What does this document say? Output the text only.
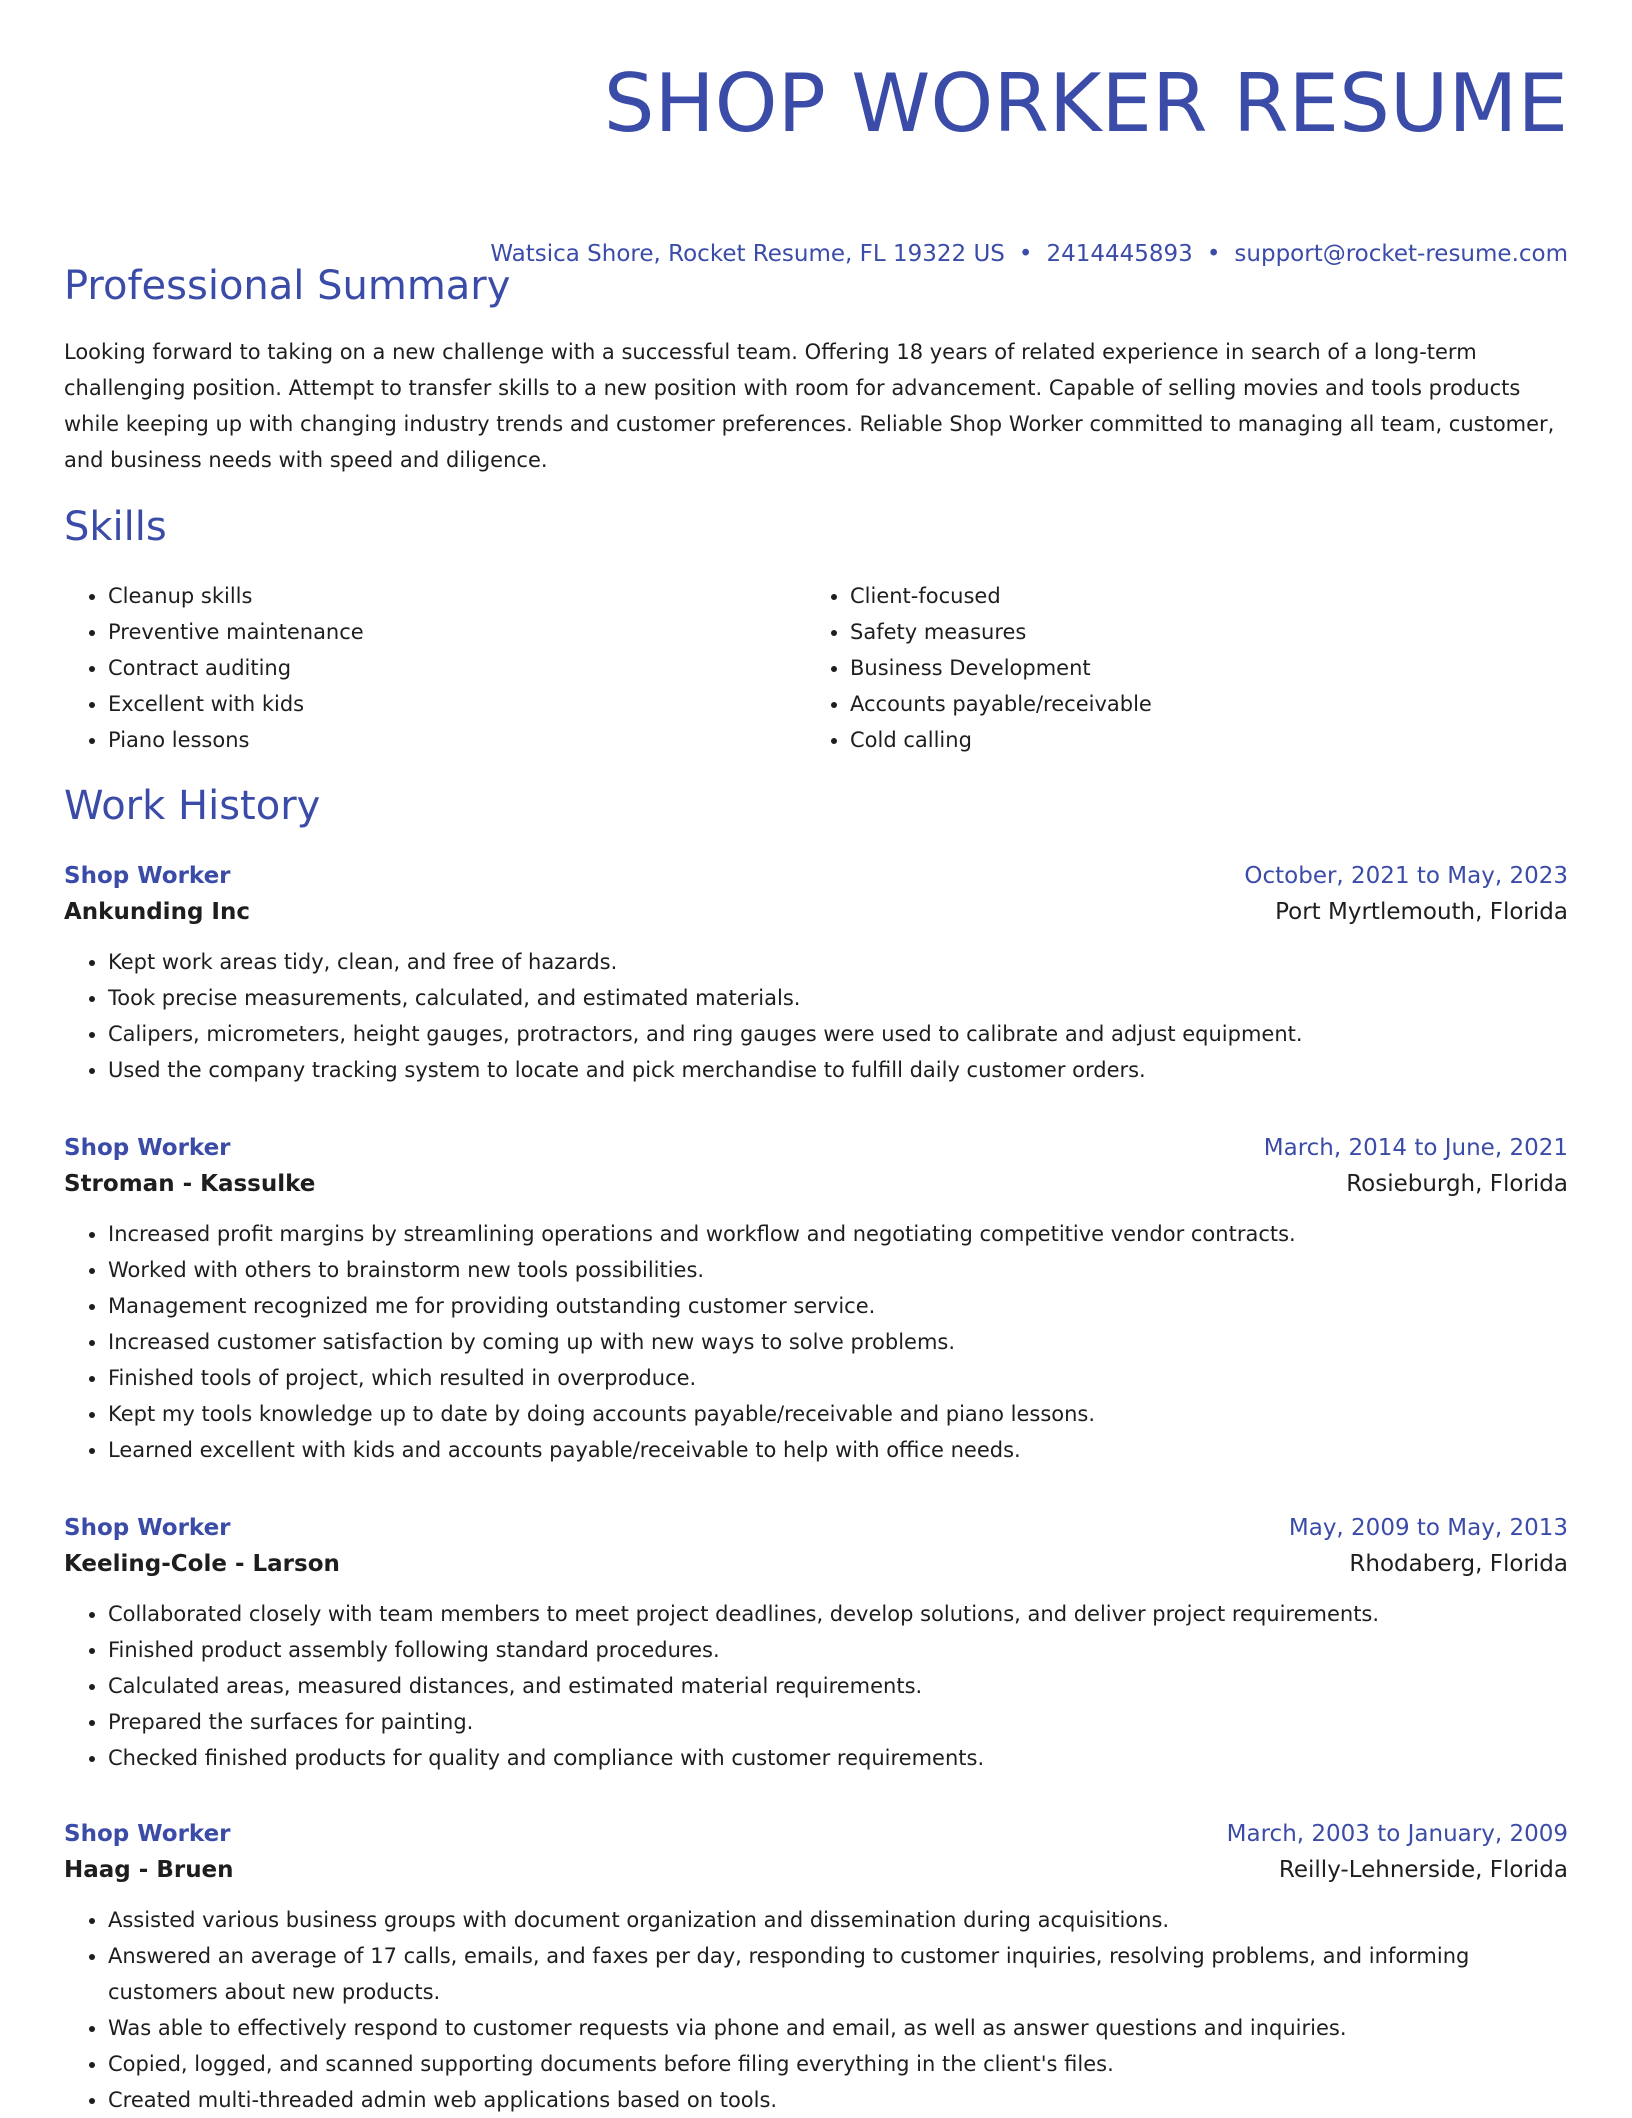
SHOP WORKER RESUME
Watsica Shore, Rocket Resume, FL 19322 US • 2414445893 • support@rocket-resume.com
Professional Summary

Looking forward to taking on a new challenge with a successful team. Offering 18 years of related experience in search of a long-term challenging position. Attempt to transfer skills to a new position with room for advancement. Capable of selling movies and tools products while keeping up with changing industry trends and customer preferences. Reliable Shop Worker committed to managing all team, customer, and business needs with speed and diligence.

Skills
• Cleanup skills
• Preventive maintenance
• Contract auditing
• Excellent with kids
• Piano lessons
• Client-focused
• Safety measures
• Business Development
• Accounts payable/receivable
• Cold calling
Work History
Shop Worker	October, 2021 to May, 2023
Ankunding Inc	Port Myrtlemouth, Florida
• Kept work areas tidy, clean, and free of hazards.
• Took precise measurements, calculated, and estimated materials.
• Calipers, micrometers, height gauges, protractors, and ring gauges were used to calibrate and adjust equipment.
• Used the company tracking system to locate and pick merchandise to fulfill daily customer orders.
Shop Worker	March, 2014 to June, 2021
Stroman - Kassulke	Rosieburgh, Florida
• Increased profit margins by streamlining operations and workflow and negotiating competitive vendor contracts.
• Worked with others to brainstorm new tools possibilities.
• Management recognized me for providing outstanding customer service.
• Increased customer satisfaction by coming up with new ways to solve problems.
• Finished tools of project, which resulted in overproduce.
• Kept my tools knowledge up to date by doing accounts payable/receivable and piano lessons.
• Learned excellent with kids and accounts payable/receivable to help with office needs.
Shop Worker	May, 2009 to May, 2013
Keeling-Cole - Larson	Rhodaberg, Florida
• Collaborated closely with team members to meet project deadlines, develop solutions, and deliver project requirements.
• Finished product assembly following standard procedures.
• Calculated areas, measured distances, and estimated material requirements.
• Prepared the surfaces for painting.
• Checked finished products for quality and compliance with customer requirements.
Shop Worker	March, 2003 to January, 2009
Haag - Bruen	Reilly-Lehnerside, Florida
• Assisted various business groups with document organization and dissemination during acquisitions.
• Answered an average of 17 calls, emails, and faxes per day, responding to customer inquiries, resolving problems, and informing customers about new products.
• Was able to effectively respond to customer requests via phone and email, as well as answer questions and inquiries.
• Copied, logged, and scanned supporting documents before filing everything in the client's files.
• Created multi-threaded admin web applications based on tools.
